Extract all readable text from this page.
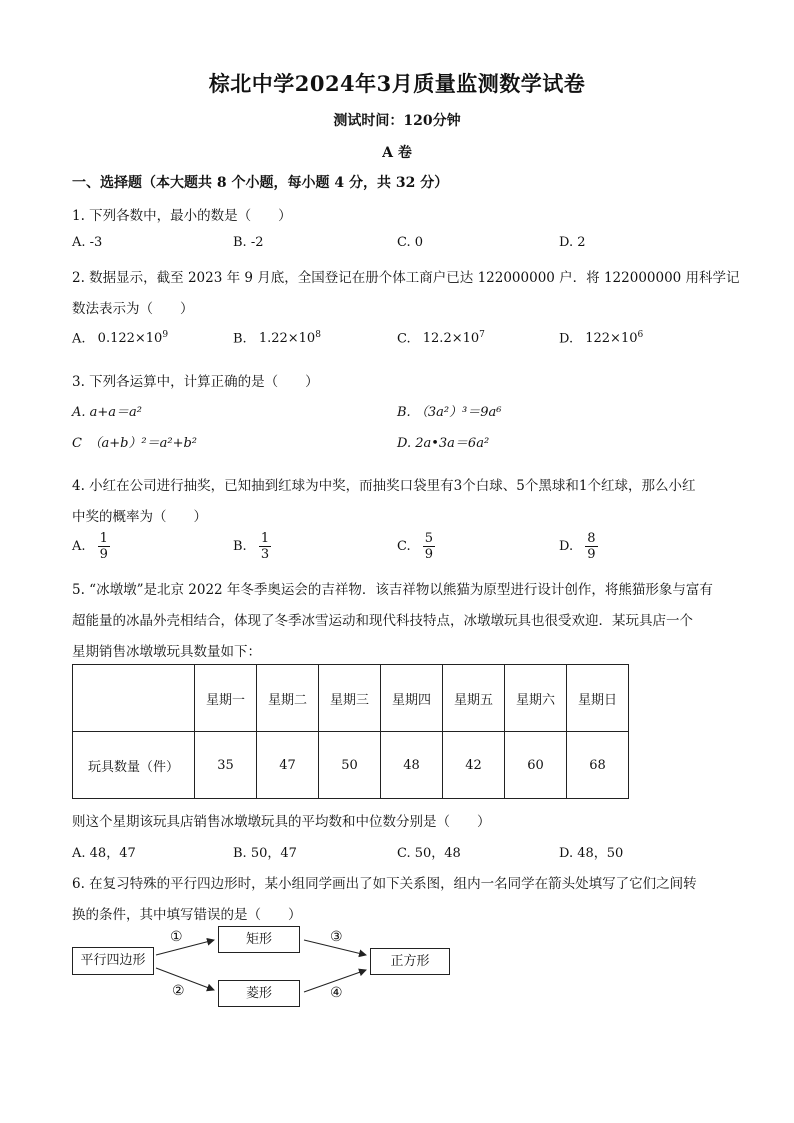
棕北中学2024年3月质量监测数学试卷
测试时间：120分钟
A 卷
一、选择题（本大题共 8 个小题，每小题 4 分，共 32 分）
1. 下列各数中，最小的数是（　　）
A. -3	B. -2	C. 0	D. 2
2. 数据显示，截至 2023 年 9 月底，全国登记在册个体工商户已达 122000000 户．将 122000000 用科学记
数法表示为（　　）
A. $0.122\times 10^9$	B. $1.22\times 10^8$	C. $12.2\times 10^7$	D. $122\times 10^6$
3. 下列各运算中，计算正确的是（　　）
A. a+a＝a²	B. （3a²）³＝9a⁶
C　（a+b）²＝a²+b²	D. 2a•3a＝6a²
4. 小红在公司进行抽奖，已知抽到红球为中奖，而抽奖口袋里有3个白球、5个黑球和1个红球，那么小红
中奖的概率为（　　）
A. $\frac{1}{9}$	B. $\frac{1}{3}$	C. $\frac{5}{9}$	D. $\frac{8}{9}$
5. “冰墩墩”是北京 2022 年冬季奥运会的吉祥物．该吉祥物以熊猫为原型进行设计创作，将熊猫形象与富有
超能量的冰晶外壳相结合，体现了冬季冰雪运动和现代科技特点，冰墩墩玩具也很受欢迎．某玩具店一个
星期销售冰墩墩玩具数量如下：
	星期一	星期二	星期三	星期四	星期五	星期六	星期日
玩具数量（件）	35	47	50	48	42	60	68
则这个星期该玩具店销售冰墩墩玩具的平均数和中位数分别是（　　）
A. 48，47	B. 50，47	C. 50，48	D. 48，50
6. 在复习特殊的平行四边形时，某小组同学画出了如下关系图，组内一名同学在箭头处填写了它们之间转
换的条件，其中填写错误的是（　　）
平行四边形
矩形
菱形
正方形
①
②
③
④
